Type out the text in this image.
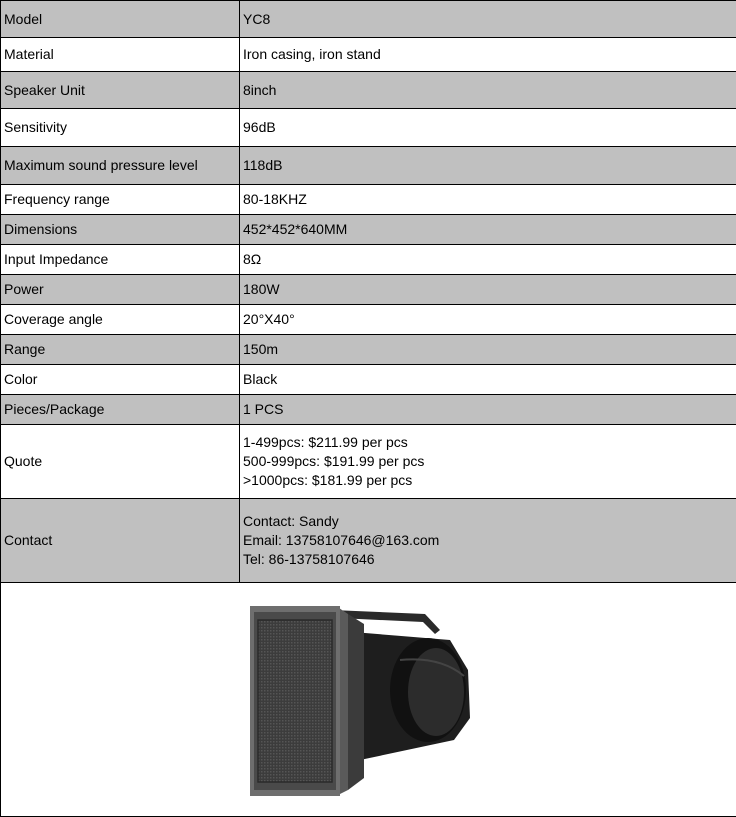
Model	YC8
Material	Iron casing, iron stand
Speaker Unit	8inch
Sensitivity	96dB
Maximum sound pressure level	118dB
Frequency range	80-18KHZ
Dimensions	452*452*640MM
Input Impedance	8Ω
Power	180W
Coverage angle	20°X40°
Range	150m
Color	Black
Pieces/Package	1 PCS
Quote	1-499pcs: $211.99 per pcs
500-999pcs: $191.99 per pcs
>1000pcs: $181.99 per pcs

Contact	Contact: Sandy
Email: 13758107646@163.com
Tel: 86-13758107646
